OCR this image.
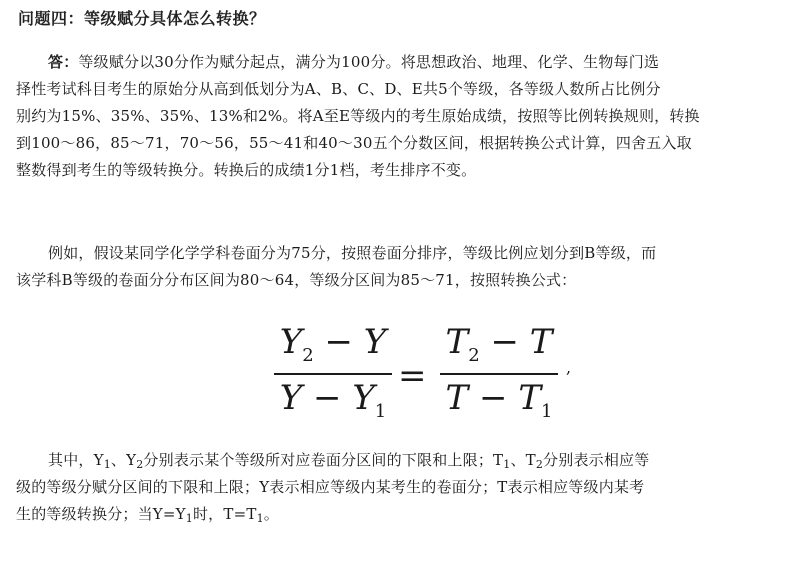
问题四：等级赋分具体怎么转换？
答：等级赋分以30分作为赋分起点，满分为100分。将思想政治、地理、化学、生物每门选
择性考试科目考生的原始分从高到低划分为A、B、C、D、E共5个等级，各等级人数所占比例分
别约为15%、35%、35%、13%和2%。将A至E等级内的考生原始成绩，按照等比例转换规则，转换
到100～86，85～71，70～56，55～41和40～30五个分数区间，根据转换公式计算，四舍五入取
整数得到考生的等级转换分。转换后的成绩1分1档，考生排序不变。
例如，假设某同学化学学科卷面分为75分，按照卷面分排序，等级比例应划分到B等级，而
该学科B等级的卷面分分布区间为80～64，等级分区间为85～71，按照转换公式：
$Y_2 - Y$
$Y - Y_1$
=
$T_2 - T$
$T - T_1$
,
其中，$Y_1$、$Y_2$分别表示某个等级所对应卷面分区间的下限和上限；$T_1$、$T_2$分别表示相应等
级的等级分赋分区间的下限和上限；Y表示相应等级内某考生的卷面分；T表示相应等级内某考
生的等级转换分；当$Y=Y_1$时，$T=T_1$。
